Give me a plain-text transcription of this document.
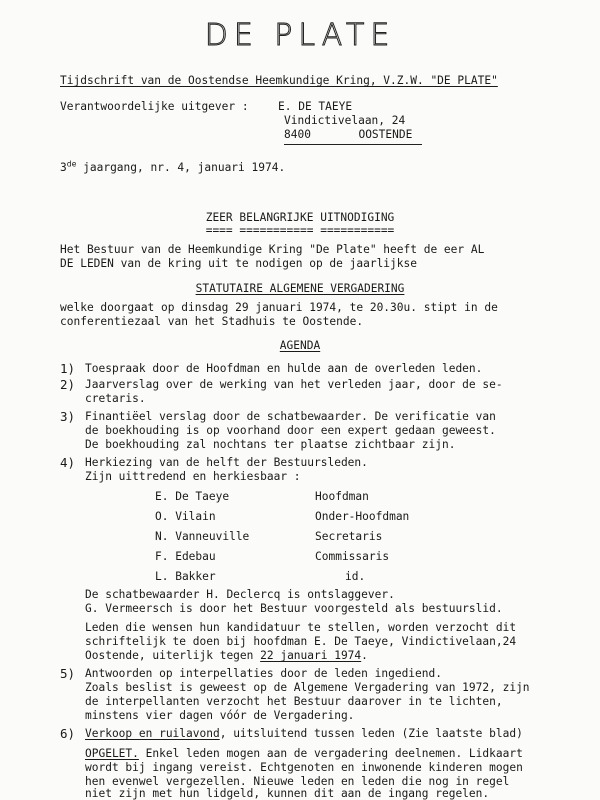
DE PLATE
Tijdschrift van de Oostendse Heemkundige Kring, V.Z.W. "DE PLATE"
Verantwoordelijke uitgever :	E. DE TAEYE
Vindictivelaan, 24
8400	OOSTENDE
3de jaargang, nr. 4, januari 1974.
ZEER BELANGRIJKE UITNODIGING
==== =========== ===========
Het Bestuur van de Heemkundige Kring "De Plate" heeft de eer AL
DE LEDEN van de kring uit te nodigen op de jaarlijkse
STATUTAIRE ALGEMENE VERGADERING
welke doorgaat op dinsdag 29 januari 1974, te 20.30u. stipt in de
conferentiezaal van het Stadhuis te Oostende.
AGENDA
1) Toespraak door de Hoofdman en hulde aan de overleden leden.
2) Jaarverslag over de werking van het verleden jaar, door de se-
cretaris.
3) Finantiëel verslag door de schatbewaarder. De verificatie van
de boekhouding is op voorhand door een expert gedaan geweest.
De boekhouding zal nochtans ter plaatse zichtbaar zijn.
4) Herkiezing van de helft der Bestuursleden.
Zijn uittredend en herkiesbaar :
E. De Taeye	Hoofdman
O. Vilain	Onder-Hoofdman
N. Vanneuville	Secretaris
F. Edebau	Commissaris
L. Bakker	id.
De schatbewaarder H. Declercq is ontslaggever.
G. Vermeersch is door het Bestuur voorgesteld als bestuurslid.
Leden die wensen hun kandidatuur te stellen, worden verzocht dit
schriftelijk te doen bij hoofdman E. De Taeye, Vindictivelaan,24
Oostende, uiterlijk tegen 22 januari 1974.
5) Antwoorden op interpellaties door de leden ingediend.
Zoals beslist is geweest op de Algemene Vergadering van 1972, zijn
de interpellanten verzocht het Bestuur daarover in te lichten,
minstens vier dagen vóór de Vergadering.
6) Verkoop en ruilavond, uitsluitend tussen leden (Zie laatste blad)
OPGELET. Enkel leden mogen aan de vergadering deelnemen. Lidkaart
wordt bij ingang vereist. Echtgenoten en inwonende kinderen mogen
hen evenwel vergezellen. Nieuwe leden en leden die nog in regel
niet zijn met hun lidgeld, kunnen dit aan de ingang regelen.
